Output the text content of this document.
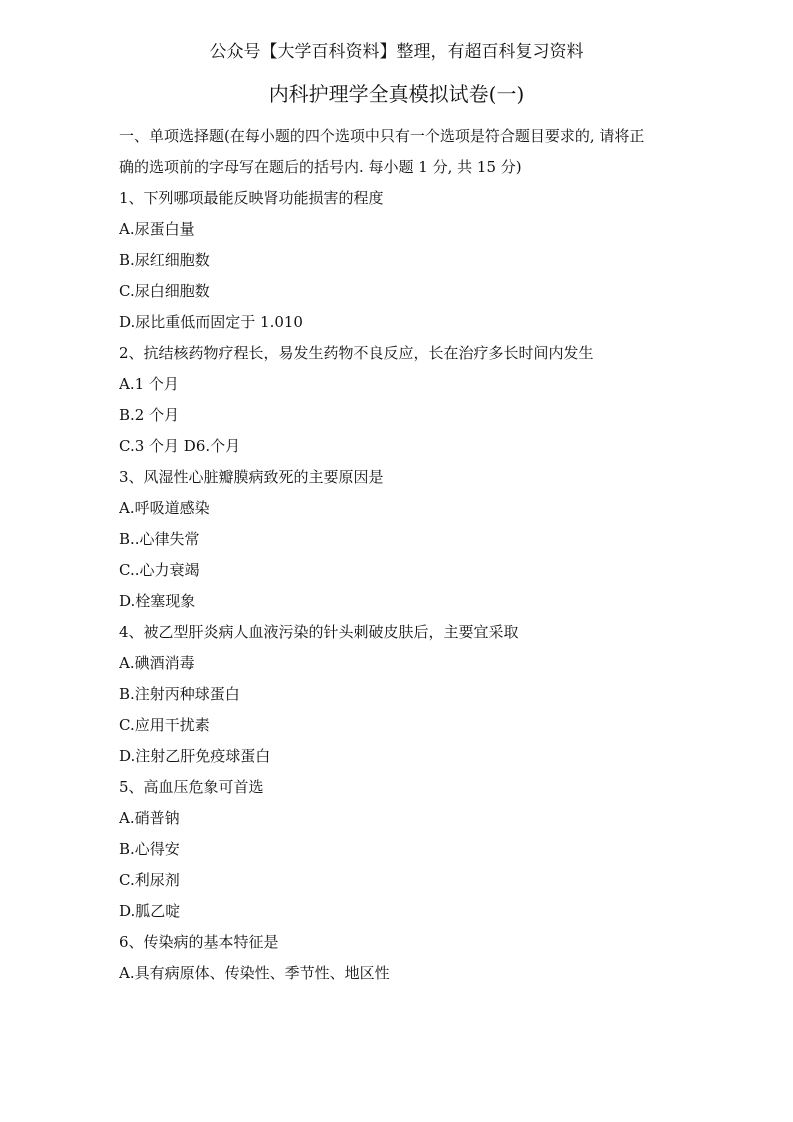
公众号【大学百科资料】整理，有超百科复习资料
内科护理学全真模拟试卷(一)
一、单项选择题(在每小题的四个选项中只有一个选项是符合题目要求的, 请将正
确的选项前的字母写在题后的括号内. 每小题 1 分, 共 15 分)
1、下列哪项最能反映肾功能损害的程度
A.尿蛋白量
B.尿红细胞数
C.尿白细胞数
D.尿比重低而固定于 1.010
2、抗结核药物疗程长，易发生药物不良反应，长在治疗多长时间内发生
A.1 个月
B.2 个月
C.3 个月 D6.个月
3、风湿性心脏瓣膜病致死的主要原因是
A.呼吸道感染
B..心律失常
C..心力衰竭
D.栓塞现象
4、被乙型肝炎病人血液污染的针头刺破皮肤后，主要宜采取
A.碘酒消毒
B.注射丙种球蛋白
C.应用干扰素
D.注射乙肝免疫球蛋白
5、高血压危象可首选
A.硝普钠
B.心得安
C.利尿剂
D.胍乙啶
6、传染病的基本特征是
A.具有病原体、传染性、季节性、地区性
